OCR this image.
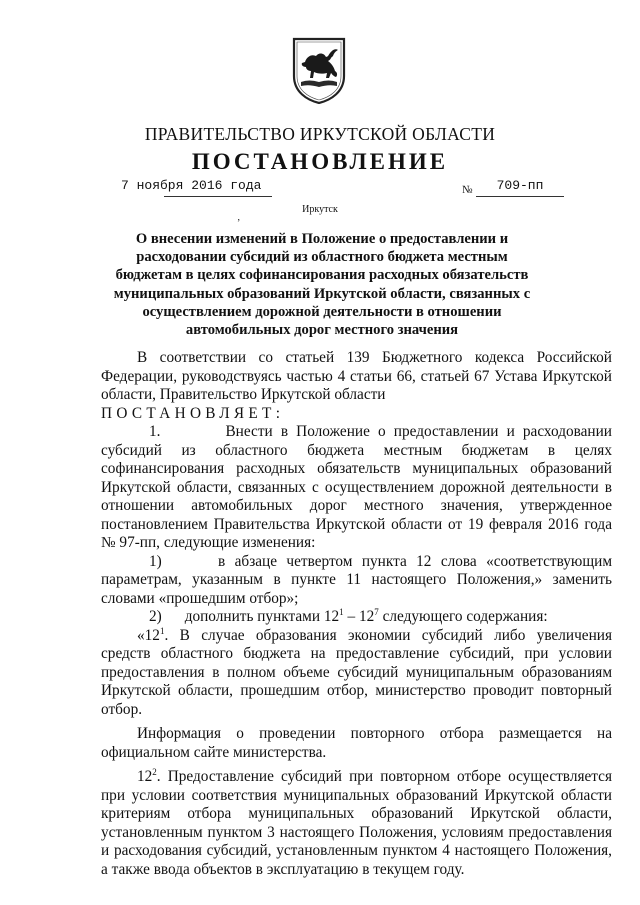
ПРАВИТЕЛЬСТВО ИРКУТСКОЙ ОБЛАСТИ
ПОСТАНОВЛЕНИЕ
7 ноября 2016 года	№	709-пп
Иркутск
ʼ
О внесении изменений в Положение о предоставлении и расходовании субсидий из областного бюджета местным бюджетам в целях софинансирования расходных обязательств муниципальных образований Иркутской области, связанных с осуществлением дорожной деятельности в отношении автомобильных дорог местного значения

В соответствии со статьей 139 Бюджетного кодекса Российской Федерации, руководствуясь частью 4 статьи 66, статьей 67 Устава Иркутской области, Правительство Иркутской области

ПОСТАНОВЛЯЕТ:

1.        Внести в Положение о предоставлении и расходовании субсидий из областного бюджета местным бюджетам в целях софинансирования расходных обязательств муниципальных образований Иркутской области, связанных с осуществлением дорожной деятельности в отношении автомобильных дорог местного значения, утвержденное постановлением Правительства Иркутской области от 19 февраля 2016 года № 97-пп, следующие изменения:

1)      в абзаце четвертом пункта 12 слова «соответствующим параметрам, указанным в пункте 11 настоящего Положения,» заменить словами «прошедшим отбор»;

2)      дополнить пунктами $12^1 - 12^7$ следующего содержания:

«$12^1$. В случае образования экономии субсидий либо увеличения средств областного бюджета на предоставление субсидий, при условии предоставления в полном объеме субсидий муниципальным образованиям Иркутской области, прошедшим отбор, министерство проводит повторный отбор.

Информация о проведении повторного отбора размещается на официальном сайте министерства.

$12^2$. Предоставление субсидий при повторном отборе осуществляется при условии соответствия муниципальных образований Иркутской области критериям отбора муниципальных образований Иркутской области, установленным пунктом 3 настоящего Положения, условиям предоставления и расходования субсидий, установленным пунктом 4 настоящего Положения, а также ввода объектов в эксплуатацию в текущем году.
